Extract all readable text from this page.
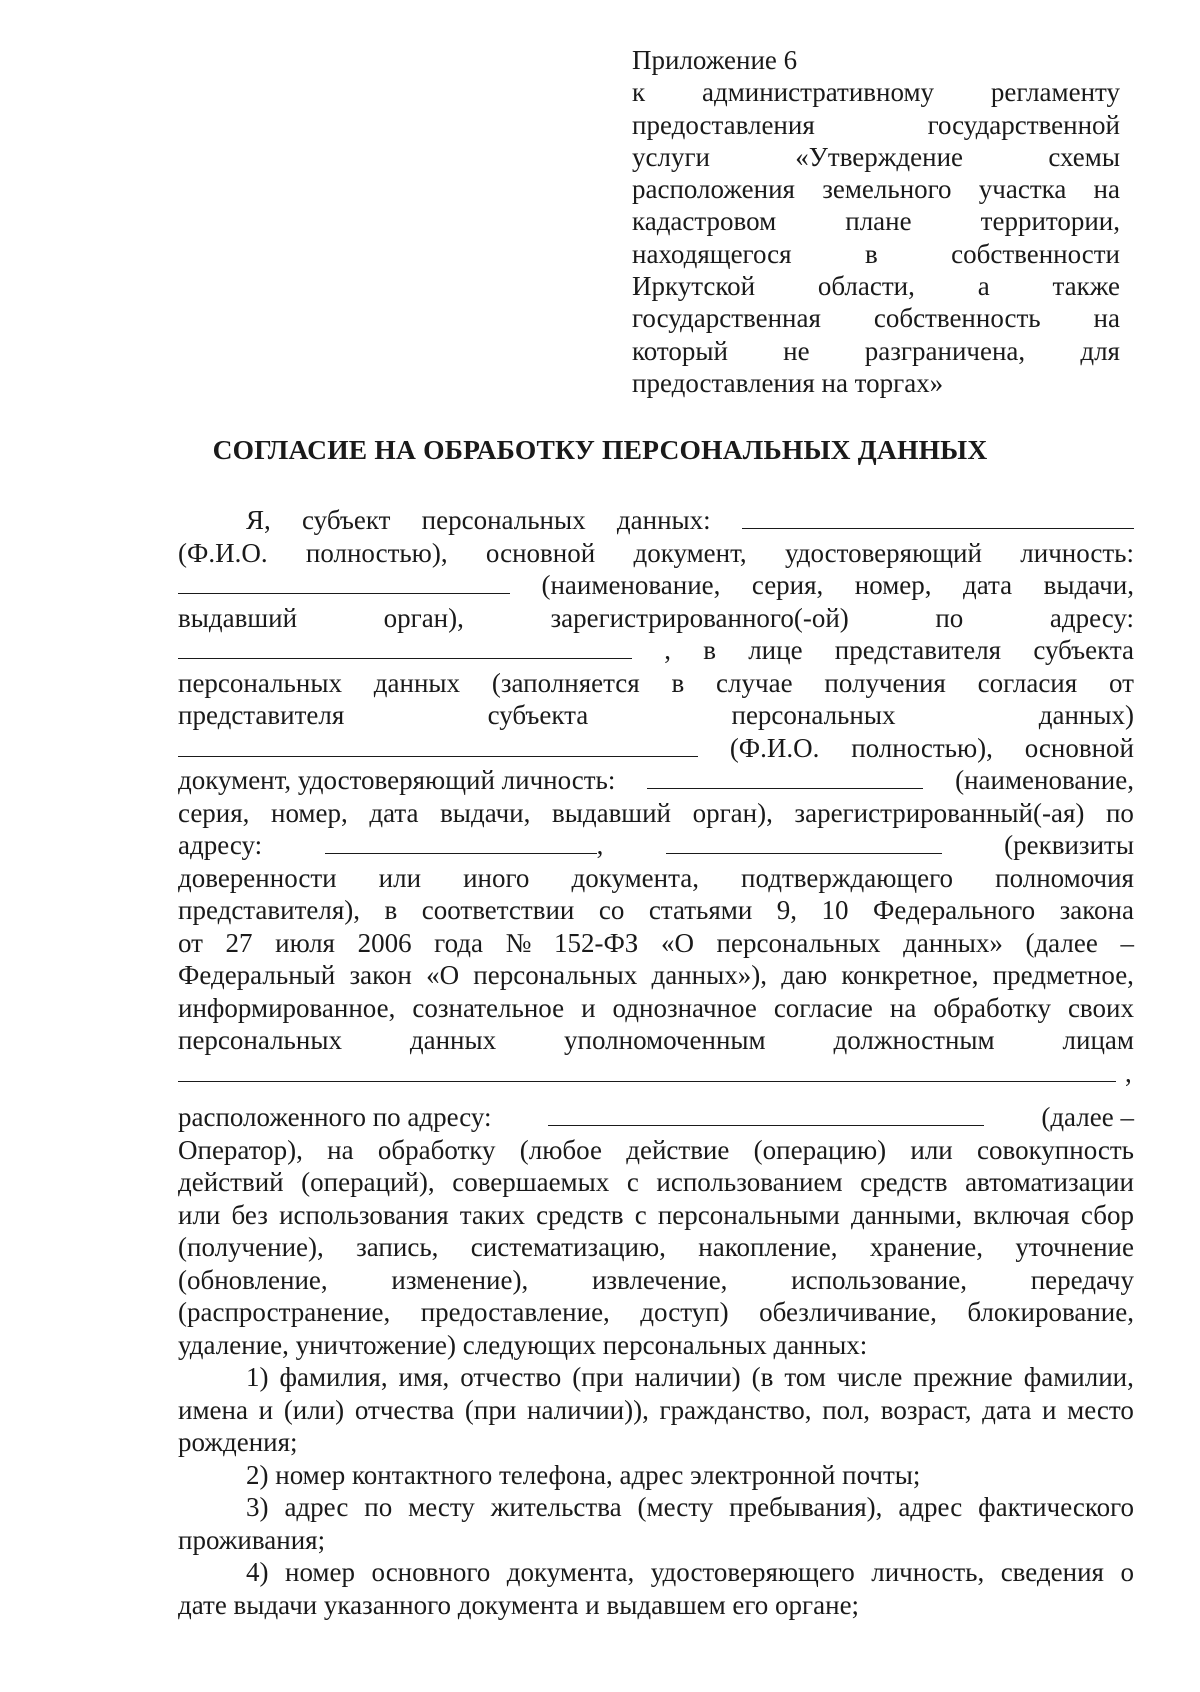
Приложение 6
к административному регламенту
предоставления	государственной
услуги	«Утверждение	схемы
расположения земельного участка на
кадастровом	плане	территории,
находящегося	в	собственности
Иркутской области, а также
государственная собственность на
который не разграничена, для
предоставления на торгах»
СОГЛАСИЕ НА ОБРАБОТКУ ПЕРСОНАЛЬНЫХ ДАННЫХ
Я, субъект персональных данных:
(Ф.И.О. полностью), основной документ, удостоверяющий личность:
(наименование, серия, номер, дата выдачи,
выдавший	орган),	зарегистрированного(-ой)	по	адресу:
, в лице представителя субъекта
персональных данных (заполняется в случае получения согласия от
представителя	субъекта	персональных	данных)
(Ф.И.О. полностью), основной
документ, удостоверяющий личность:	(наименование,
серия, номер, дата выдачи, выдавший орган), зарегистрированный(-ая) по
адресу:	,	(реквизиты
доверенности или иного документа, подтверждающего полномочия
представителя), в соответствии со статьями 9, 10 Федерального закона
от 27 июля 2006 года № 152-ФЗ «О персональных данных» (далее –
Федеральный закон «О персональных данных»), даю конкретное, предметное,
информированное, сознательное и однозначное согласие на обработку своих
персональных	данных	уполномоченным	должностным	лицам
,
расположенного по адресу:	(далее –
Оператор), на обработку (любое действие (операцию) или совокупность
действий (операций), совершаемых с использованием средств автоматизации
или без использования таких средств с персональными данными, включая сбор
(получение), запись, систематизацию, накопление, хранение, уточнение
(обновление, изменение), извлечение, использование, передачу
(распространение, предоставление, доступ) обезличивание, блокирование,
удаление, уничтожение) следующих персональных данных:
1) фамилия, имя, отчество (при наличии) (в том числе прежние фамилии,
имена и (или) отчества (при наличии)), гражданство, пол, возраст, дата и место
рождения;
2) номер контактного телефона, адрес электронной почты;
3) адрес по месту жительства (месту пребывания), адрес фактического
проживания;
4) номер основного документа, удостоверяющего личность, сведения о
дате выдачи указанного документа и выдавшем его органе;
